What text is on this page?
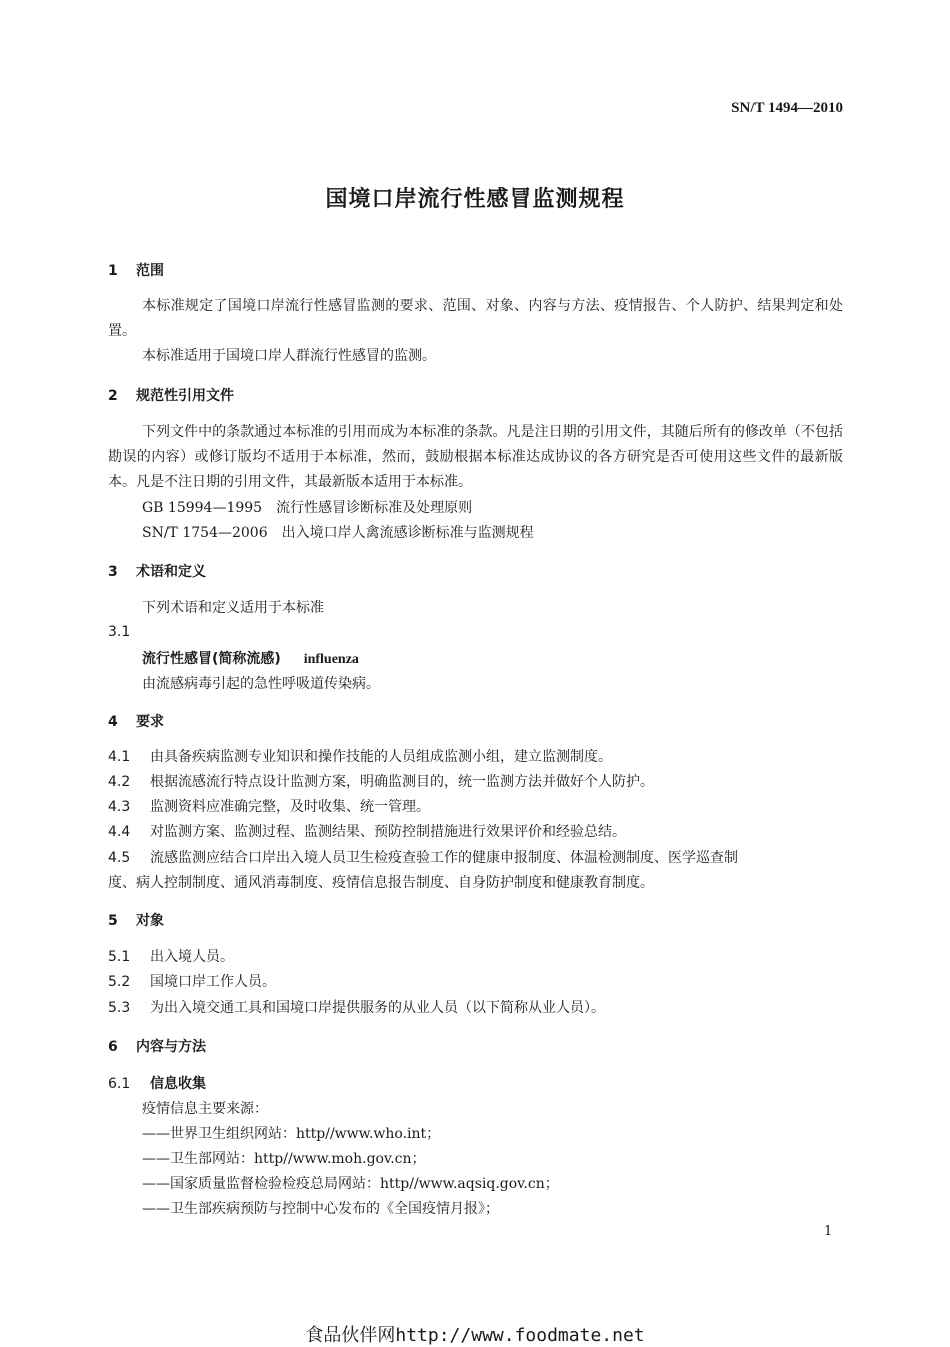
SN/T 1494—2010
国境口岸流行性感冒监测规程
1 范围
本标准规定了国境口岸流行性感冒监测的要求、范围、对象、内容与方法、疫情报告、个人防护、结果判定和处置。
本标准适用于国境口岸人群流行性感冒的监测。
2 规范性引用文件
下列文件中的条款通过本标准的引用而成为本标准的条款。凡是注日期的引用文件，其随后所有的修改单（不包括勘误的内容）或修订版均不适用于本标准，然而，鼓励根据本标准达成协议的各方研究是否可使用这些文件的最新版本。凡是不注日期的引用文件，其最新版本适用于本标准。
GB 15994—1995　流行性感冒诊断标准及处理原则
SN/T 1754—2006　出入境口岸人禽流感诊断标准与监测规程
3 术语和定义
下列术语和定义适用于本标准
3.1
流行性感冒(简称流感) influenza
由流感病毒引起的急性呼吸道传染病。
4 要求
4.1 由具备疾病监测专业知识和操作技能的人员组成监测小组，建立监测制度。
4.2 根据流感流行特点设计监测方案，明确监测目的，统一监测方法并做好个人防护。
4.3 监测资料应准确完整，及时收集、统一管理。
4.4 对监测方案、监测过程、监测结果、预防控制措施进行效果评价和经验总结。
4.5 流感监测应结合口岸出入境人员卫生检疫查验工作的健康申报制度、体温检测制度、医学巡查制
度、病人控制制度、通风消毒制度、疫情信息报告制度、自身防护制度和健康教育制度。
5 对象
5.1 出入境人员。
5.2 国境口岸工作人员。
5.3 为出入境交通工具和国境口岸提供服务的从业人员（以下简称从业人员）。
6 内容与方法
6.1 信息收集
疫情信息主要来源：
——世界卫生组织网站：http//www.who.int；
——卫生部网站：http//www.moh.gov.cn；
——国家质量监督检验检疫总局网站：http//www.aqsiq.gov.cn；
——卫生部疾病预防与控制中心发布的《全国疫情月报》；
1
食品伙伴网http://www.foodmate.net
